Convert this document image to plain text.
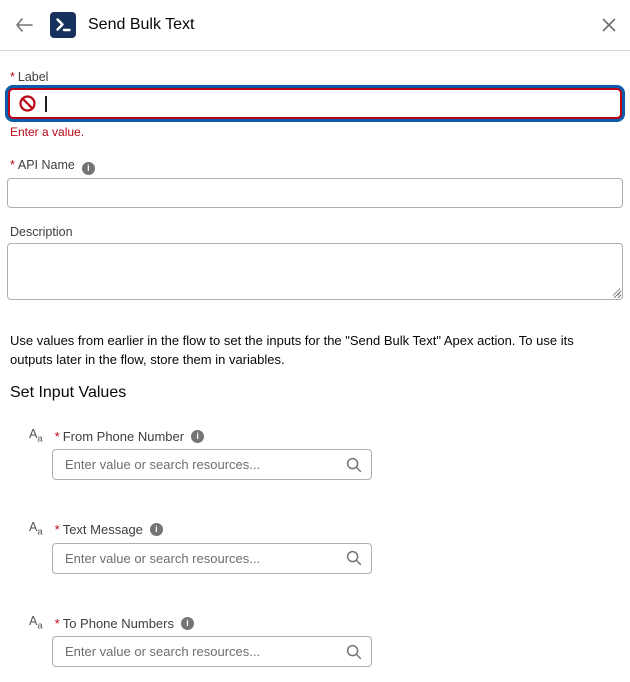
Send Bulk Text
* Label
Enter a value.
* API Name i
Description

Use values from earlier in the flow to set the inputs for the "Send Bulk Text" Apex action. To use its outputs later in the flow, store them in variables.

Set Input Values
$A_a$ * From Phone Number	i
Enter value or search resources...
$A_a$ * Text Message	i
Enter value or search resources...
$A_a$ * To Phone Numbers	i
Enter value or search resources...
